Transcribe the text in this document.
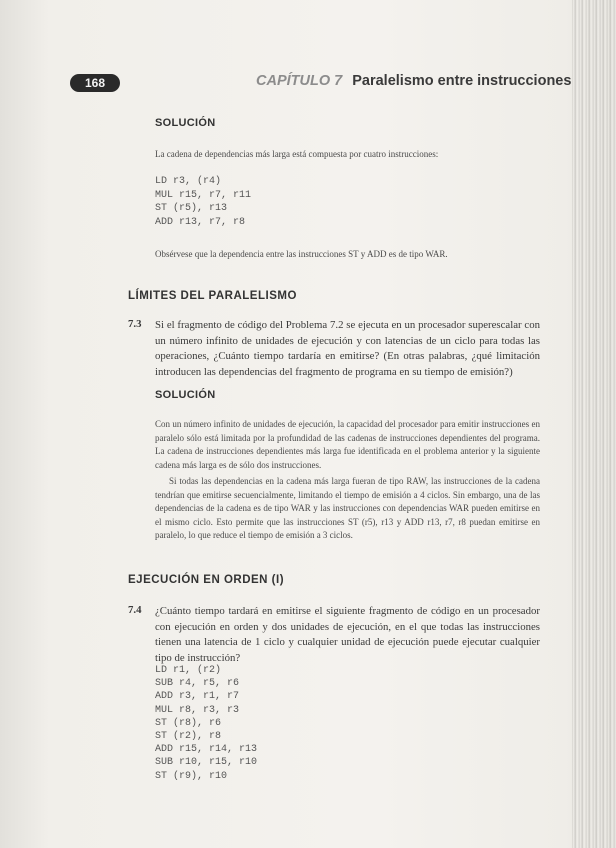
168	CAPÍTULO 7 Paralelismo entre instrucciones
SOLUCIÓN
La cadena de dependencias más larga está compuesta por cuatro instrucciones:
LD r3, (r4)
MUL r15, r7, r11
ST (r5), r13
ADD r13, r7, r8
Obsérvese que la dependencia entre las instrucciones ST y ADD es de tipo WAR.
LÍMITES DEL PARALELISMO
7.3 Si el fragmento de código del Problema 7.2 se ejecuta en un procesador superescalar con un número infinito de unidades de ejecución y con latencias de un ciclo para todas las operaciones, ¿Cuánto tiempo tardaría en emitirse? (En otras palabras, ¿qué limitación introducen las dependencias del fragmento de programa en su tiempo de emisión?)
SOLUCIÓN
Con un número infinito de unidades de ejecución, la capacidad del procesador para emitir instrucciones en paralelo sólo está limitada por la profundidad de las cadenas de instrucciones dependientes del programa. La cadena de instrucciones dependientes más larga fue identificada en el problema anterior y la siguiente cadena más larga es de sólo dos instrucciones.
Si todas las dependencias en la cadena más larga fueran de tipo RAW, las instrucciones de la cadena tendrían que emitirse secuencialmente, limitando el tiempo de emisión a 4 ciclos. Sin embargo, una de las dependencias de la cadena es de tipo WAR y las instrucciones con dependencias WAR pueden emitirse en el mismo ciclo. Esto permite que las instrucciones ST (r5), r13 y ADD r13, r7, r8 puedan emitirse en paralelo, lo que reduce el tiempo de emisión a 3 ciclos.
EJECUCIÓN EN ORDEN (I)
7.4 ¿Cuánto tiempo tardará en emitirse el siguiente fragmento de código en un procesador con ejecución en orden y dos unidades de ejecución, en el que todas las instrucciones tienen una latencia de 1 ciclo y cualquier unidad de ejecución puede ejecutar cualquier tipo de instrucción?
LD r1, (r2)
SUB r4, r5, r6
ADD r3, r1, r7
MUL r8, r3, r3
ST (r8), r6
ST (r2), r8
ADD r15, r14, r13
SUB r10, r15, r10
ST (r9), r10
